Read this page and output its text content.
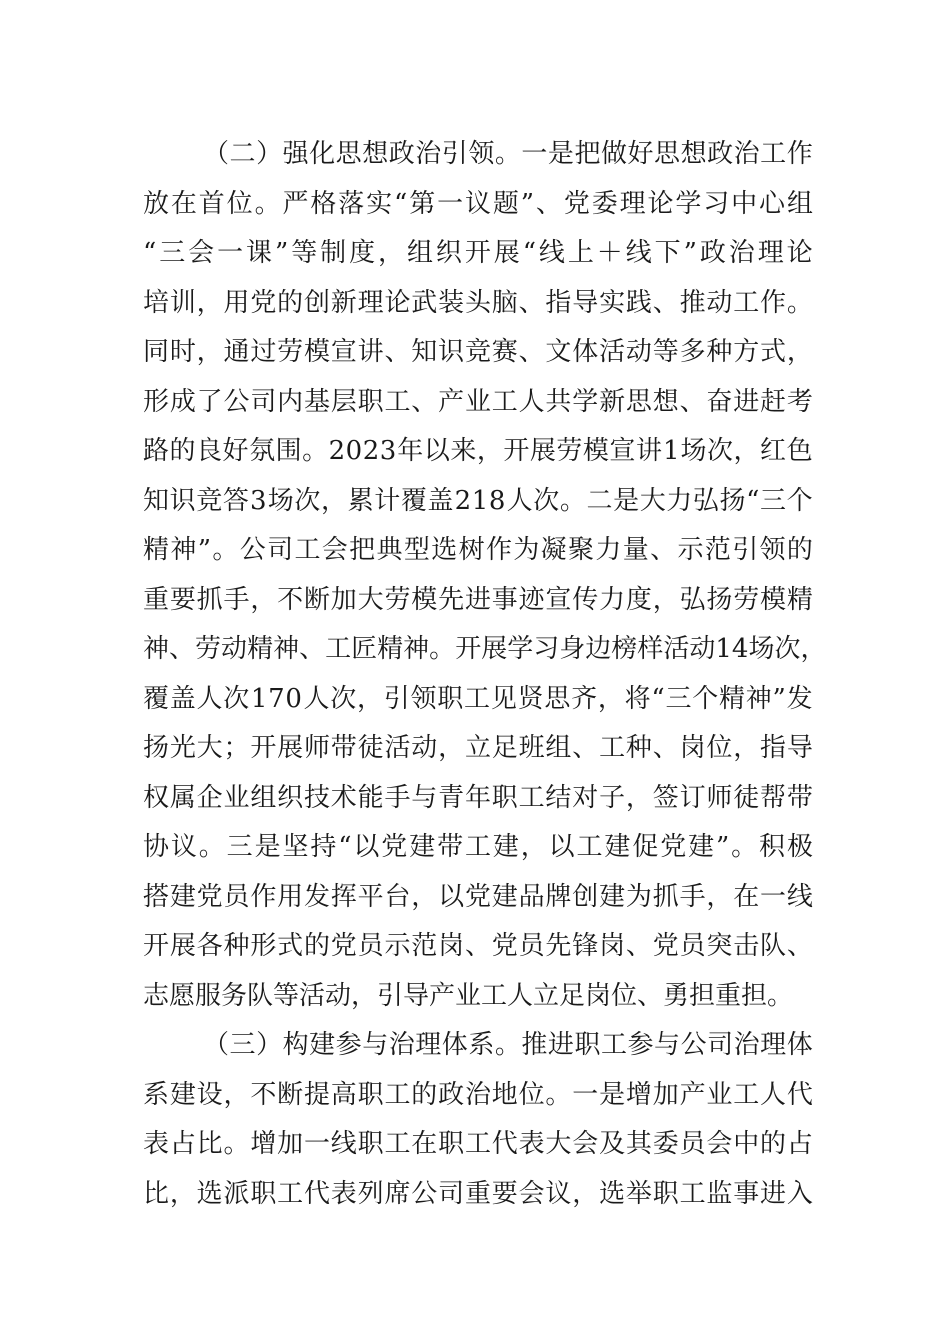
（ 二 ） 强 化 思 想 政 治 引 领 。 一 是 把 做 好 思 想 政 治 工 作
放 在 首 位 。 严 格 落 实 “ 第 一 议 题 ” 、 党 委 理 论 学 习 中 心 组
“ 三 会 一 课 ” 等 制 度 ， 组 织 开 展 “ 线 上 ＋ 线 下 ” 政 治 理 论
培 训 ， 用 党 的 创 新 理 论 武 装 头 脑 、 指 导 实 践 、 推 动 工 作 。
同 时 ， 通 过 劳 模 宣 讲 、 知 识 竞 赛 、 文 体 活 动 等 多 种 方 式 ，
形 成 了 公 司 内 基 层 职 工 、 产 业 工 人 共 学 新 思 想 、 奋 进 赶 考
路 的 良 好 氛 围 。 2 0 2 3 年 以 来 ， 开 展 劳 模 宣 讲 1 场 次 ， 红 色
知 识 竞 答 3 场 次 ， 累 计 覆 盖 2 1 8 人 次 。 二 是 大 力 弘 扬 “ 三 个
精 神 ” 。 公 司 工 会 把 典 型 选 树 作 为 凝 聚 力 量 、 示 范 引 领 的
重 要 抓 手 ， 不 断 加 大 劳 模 先 进 事 迹 宣 传 力 度 ， 弘 扬 劳 模 精
神 、 劳 动 精 神 、 工 匠 精 神 。 开 展 学 习 身 边 榜 样 活 动 1 4 场 次 ，
覆 盖 人 次 1 7 0 人 次 ， 引 领 职 工 见 贤 思 齐 ， 将 “ 三 个 精 神 ” 发
扬 光 大 ； 开 展 师 带 徒 活 动 ， 立 足 班 组 、 工 种 、 岗 位 ， 指 导
权 属 企 业 组 织 技 术 能 手 与 青 年 职 工 结 对 子 ， 签 订 师 徒 帮 带
协 议 。 三 是 坚 持 “ 以 党 建 带 工 建 ， 以 工 建 促 党 建 ” 。 积 极
搭 建 党 员 作 用 发 挥 平 台 ， 以 党 建 品 牌 创 建 为 抓 手 ， 在 一 线
开 展 各 种 形 式 的 党 员 示 范 岗 、 党 员 先 锋 岗 、 党 员 突 击 队 、
志愿服务队等活动，引导产业工人立足岗位、勇担重担。
（ 三 ） 构 建 参 与 治 理 体 系 。 推 进 职 工 参 与 公 司 治 理 体
系 建 设 ， 不 断 提 高 职 工 的 政 治 地 位 。 一 是 增 加 产 业 工 人 代
表 占 比 。 增 加 一 线 职 工 在 职 工 代 表 大 会 及 其 委 员 会 中 的 占
比 ， 选 派 职 工 代 表 列 席 公 司 重 要 会 议 ， 选 举 职 工 监 事 进 入
